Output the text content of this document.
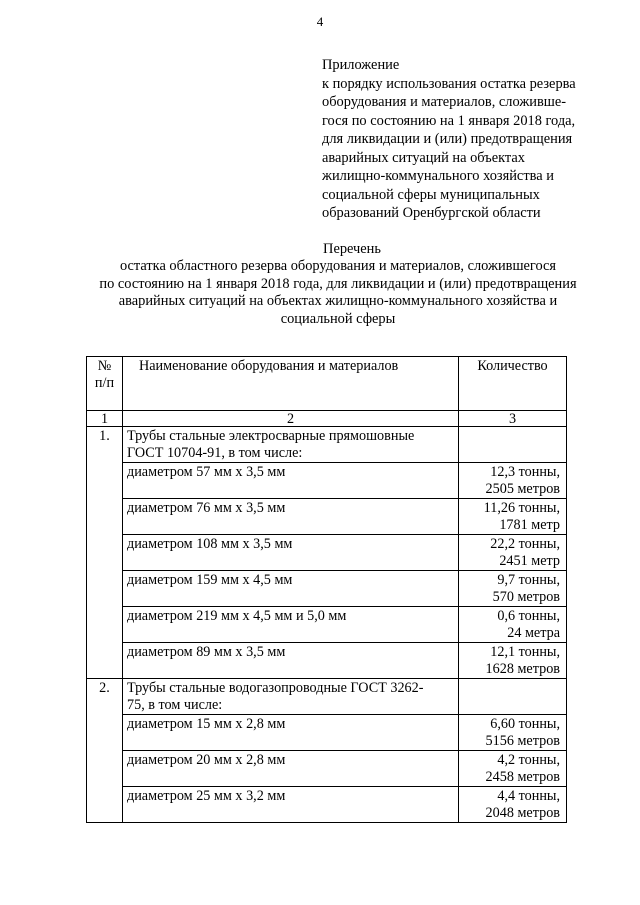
4
Приложение
к порядку использования остатка резерва
оборудования и материалов, сложивше-
гося по состоянию на 1 января 2018 года,
для ликвидации и (или) предотвращения
аварийных ситуаций на объектах
жилищно-коммунального хозяйства и
социальной сферы муниципальных
образований Оренбургской области
Перечень
остатка областного резерва оборудования и материалов, сложившегося
по состоянию на 1 января 2018 года, для ликвидации и (или) предотвращения
аварийных ситуаций на объектах жилищно-коммунального хозяйства и
социальной сферы
№
п/п	Наименование оборудования и материалов	Количество
1	2	3
1.	Трубы стальные электросварные прямошовные
ГОСТ 10704-91, в том числе:	

	диаметром 57 мм х 3,5 мм	12,3 тонны,
2505 метров

	диаметром 76 мм х 3,5 мм	11,26 тонны,
1781 метр

	диаметром 108 мм х 3,5 мм	22,2 тонны,
2451 метр

	диаметром 159 мм х 4,5 мм	9,7 тонны,
570 метров

	диаметром 219 мм х 4,5 мм и 5,0 мм	0,6 тонны,
24 метра

	диаметром 89 мм х 3,5 мм	12,1 тонны,
1628 метров

2.	Трубы стальные водогазопроводные ГОСТ 3262-
75, в том числе:	

	диаметром 15 мм х 2,8 мм	6,60 тонны,
5156 метров

	диаметром 20 мм х 2,8 мм	4,2 тонны,
2458 метров

	диаметром 25 мм х 3,2 мм	4,4 тонны,
2048 метров
